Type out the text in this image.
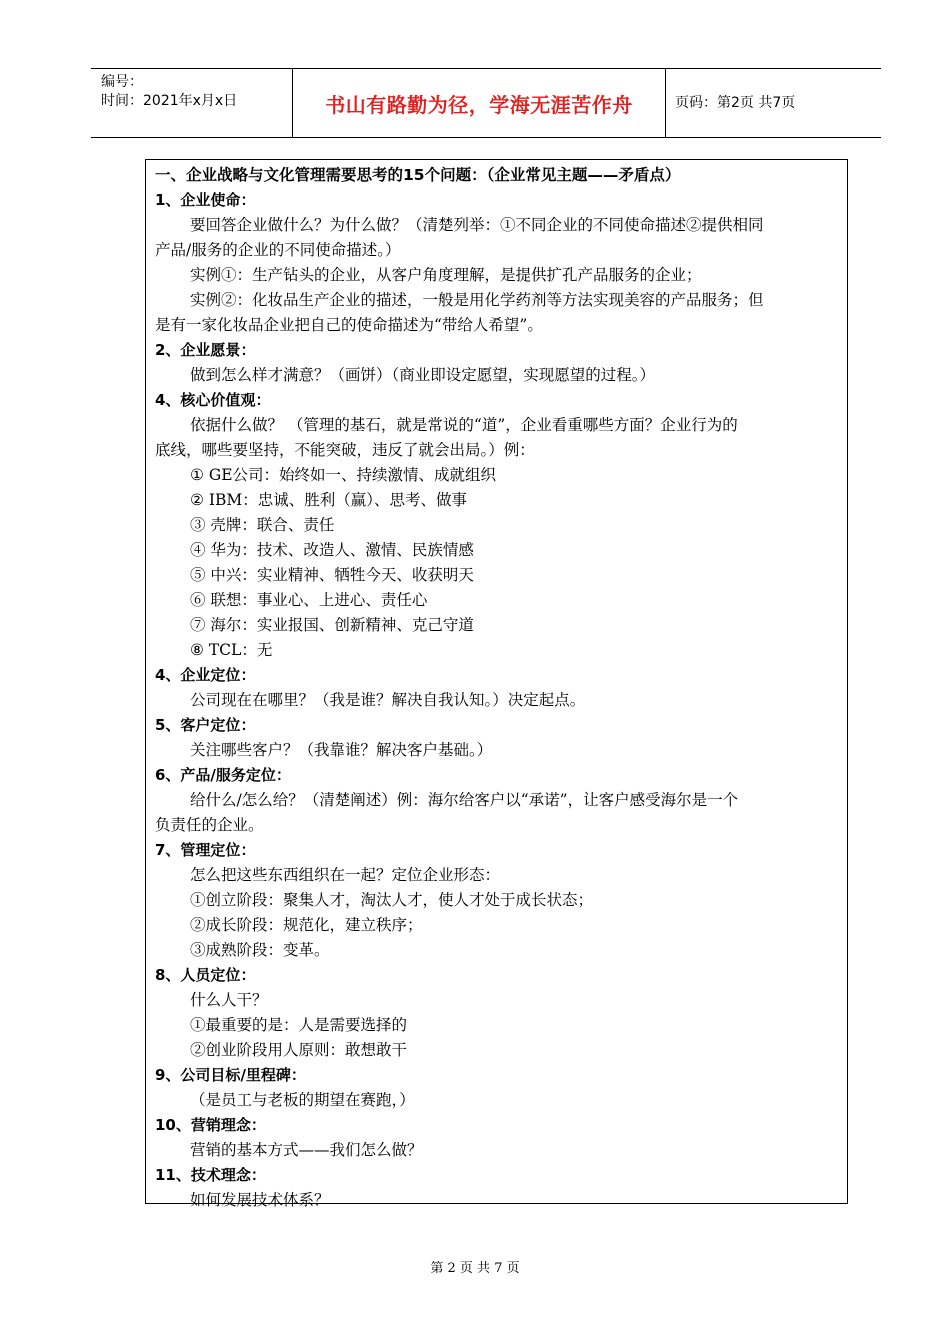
编号：
时间：2021年x月x日	书山有路勤为径，学海无涯苦作舟	页码：第2页 共7页
一、企业战略与文化管理需要思考的15个问题：（企业常见主题——矛盾点）
1、企业使命：
要回答企业做什么？为什么做？（清楚列举：①不同企业的不同使命描述②提供相同
产品/服务的企业的不同使命描述。）
实例①：生产钻头的企业，从客户角度理解，是提供扩孔产品服务的企业；
实例②：化妆品生产企业的描述，一般是用化学药剂等方法实现美容的产品服务；但
是有一家化妆品企业把自己的使命描述为“带给人希望”。
2、企业愿景：
做到怎么样才满意？（画饼）（商业即设定愿望，实现愿望的过程。）
4、核心价值观：
依据什么做？ （管理的基石，就是常说的“道”，企业看重哪些方面？企业行为的
底线，哪些要坚持，不能突破，违反了就会出局。）例：
① GE公司：始终如一、持续激情、成就组织
② IBM：忠诚、胜利（赢）、思考、做事
③ 壳牌：联合、责任
④ 华为：技术、改造人、激情、民族情感
⑤ 中兴：实业精神、牺牲今天、收获明天
⑥ 联想：事业心、上进心、责任心
⑦ 海尔：实业报国、创新精神、克己守道
⑧ TCL：无
4、企业定位：
公司现在在哪里？（我是谁？解决自我认知。）决定起点。
5、客户定位：
关注哪些客户？（我靠谁？解决客户基础。）
6、产品/服务定位：
给什么/怎么给？（清楚阐述）例：海尔给客户以“承诺”，让客户感受海尔是一个
负责任的企业。
7、管理定位：
怎么把这些东西组织在一起？定位企业形态：
①创立阶段：聚集人才，淘汰人才，使人才处于成长状态；
②成长阶段：规范化，建立秩序；
③成熟阶段：变革。
8、人员定位：
什么人干？
①最重要的是：人是需要选择的
②创业阶段用人原则：敢想敢干
9、公司目标/里程碑：
（是员工与老板的期望在赛跑，）
10、营销理念：
营销的基本方式——我们怎么做？
11、技术理念：
如何发展技术体系？
第 2 页 共 7 页
